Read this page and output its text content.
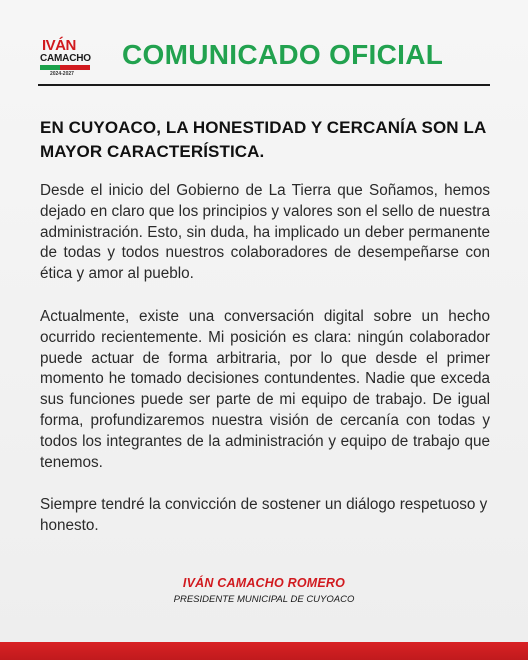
IVÁN
CAMACHO
2024-2027
COMUNICADO OFICIAL
EN CUYOACO, LA HONESTIDAD Y CERCANÍA SON LA MAYOR CARACTERÍSTICA.

Desde el inicio del Gobierno de La Tierra que Soñamos, hemos dejado en claro que los principios y valores son el sello de nuestra administración. Esto, sin duda, ha implicado un deber permanente de todas y todos nuestros colaboradores de desempeñarse con ética y amor al pueblo.

Actualmente, existe una conversación digital sobre un hecho ocurrido recientemente. Mi posición es clara: ningún colaborador puede actuar de forma arbitraria, por lo que desde el primer momento he tomado decisiones contundentes. Nadie que exceda sus funciones puede ser parte de mi equipo de trabajo. De igual forma, profundizaremos nuestra visión de cercanía con todas y todos los integrantes de la administración y equipo de trabajo que tenemos.

Siempre tendré la convicción de sostener un diálogo respetuoso y honesto.

IVÁN CAMACHO ROMERO
PRESIDENTE MUNICIPAL DE CUYOACO
